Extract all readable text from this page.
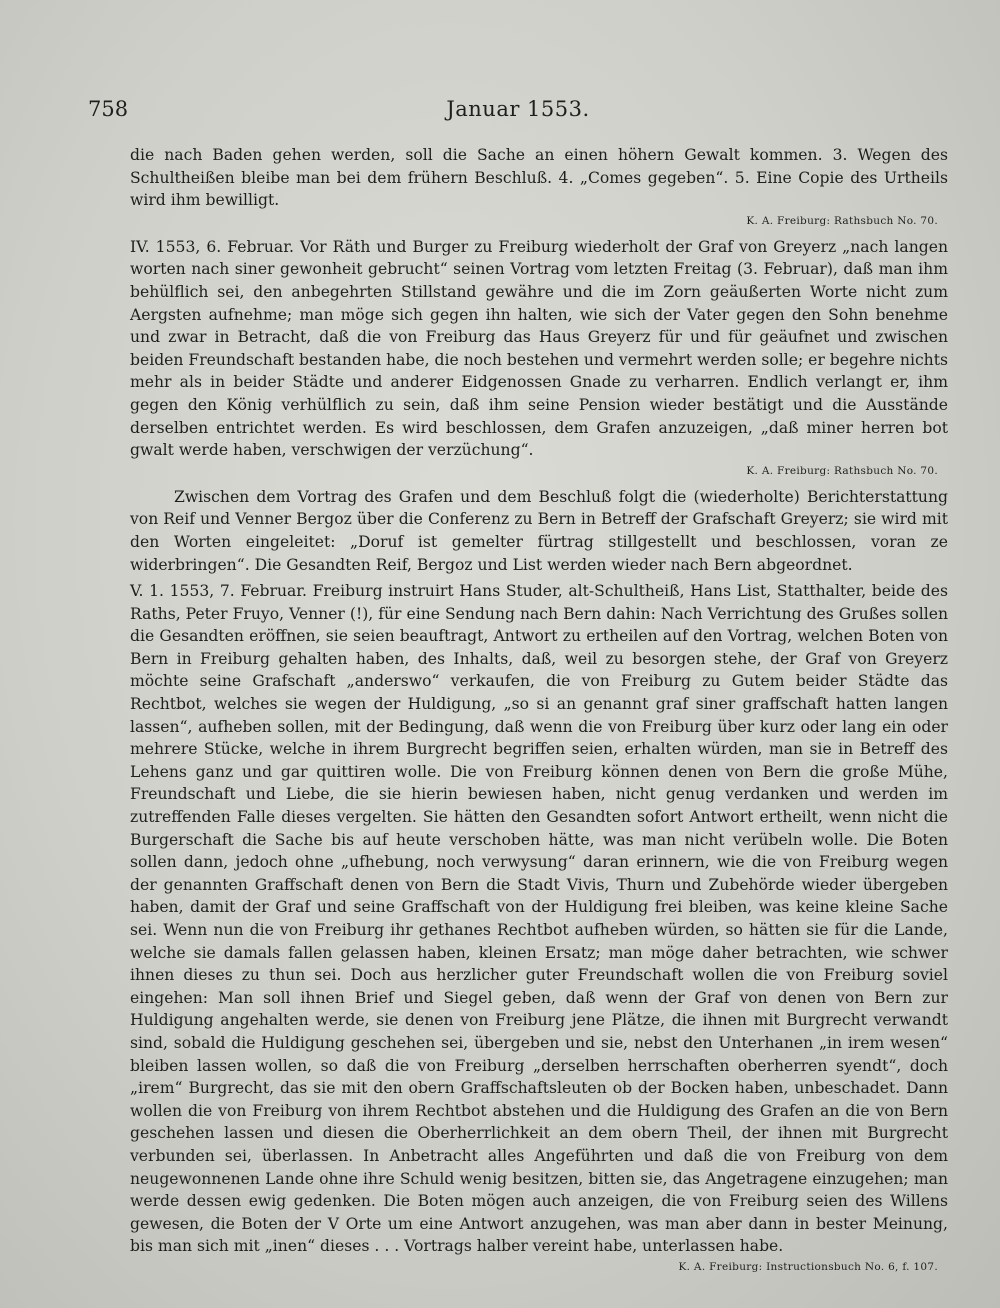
758	Januar 1553.

die nach Baden gehen werden, soll die Sache an einen höhern Gewalt kommen. 3. Wegen des Schultheißen bleibe man bei dem frühern Beschluß. 4. „Comes gegeben“. 5. Eine Copie des Urtheils wird ihm bewilligt.

K. A. Freiburg: Rathsbuch No. 70.

IV. 1553, 6. Februar. Vor Räth und Burger zu Freiburg wiederholt der Graf von Greyerz „nach langen worten nach siner gewonheit gebrucht“ seinen Vortrag vom letzten Freitag (3. Februar), daß man ihm behülflich sei, den anbegehrten Stillstand gewähre und die im Zorn geäußerten Worte nicht zum Aergsten aufnehme; man möge sich gegen ihn halten, wie sich der Vater gegen den Sohn benehme und zwar in Betracht, daß die von Freiburg das Haus Greyerz für und für geäufnet und zwischen beiden Freundschaft bestanden habe, die noch bestehen und vermehrt werden solle; er begehre nichts mehr als in beider Städte und anderer Eidgenossen Gnade zu verharren. Endlich verlangt er, ihm gegen den König verhülflich zu sein, daß ihm seine Pension wieder bestätigt und die Ausstände derselben entrichtet werden. Es wird beschlossen, dem Grafen anzuzeigen, „daß miner herren bot gwalt werde haben, verschwigen der verzüchung“.

K. A. Freiburg: Rathsbuch No. 70.

Zwischen dem Vortrag des Grafen und dem Beschluß folgt die (wiederholte) Berichterstattung von Reif und Venner Bergoz über die Conferenz zu Bern in Betreff der Grafschaft Greyerz; sie wird mit den Worten eingeleitet: „Doruf ist gemelter fürtrag stillgestellt und beschlossen, voran ze widerbringen“. Die Gesandten Reif, Bergoz und List werden wieder nach Bern abgeordnet.

V. 1. 1553, 7. Februar. Freiburg instruirt Hans Studer, alt-Schultheiß, Hans List, Statthalter, beide des Raths, Peter Fruyo, Venner (!), für eine Sendung nach Bern dahin: Nach Verrichtung des Grußes sollen die Gesandten eröffnen, sie seien beauftragt, Antwort zu ertheilen auf den Vortrag, welchen Boten von Bern in Freiburg gehalten haben, des Inhalts, daß, weil zu besorgen stehe, der Graf von Greyerz möchte seine Grafschaft „anderswo“ verkaufen, die von Freiburg zu Gutem beider Städte das Rechtbot, welches sie wegen der Huldigung, „so si an genannt graf siner graffschaft hatten langen lassen“, aufheben sollen, mit der Bedingung, daß wenn die von Freiburg über kurz oder lang ein oder mehrere Stücke, welche in ihrem Burgrecht begriffen seien, erhalten würden, man sie in Betreff des Lehens ganz und gar quittiren wolle. Die von Freiburg können denen von Bern die große Mühe, Freundschaft und Liebe, die sie hierin bewiesen haben, nicht genug verdanken und werden im zutreffenden Falle dieses vergelten. Sie hätten den Gesandten sofort Antwort ertheilt, wenn nicht die Burgerschaft die Sache bis auf heute verschoben hätte, was man nicht verübeln wolle. Die Boten sollen dann, jedoch ohne „ufhebung, noch verwysung“ daran erinnern, wie die von Freiburg wegen der genannten Graffschaft denen von Bern die Stadt Vivis, Thurn und Zubehörde wieder übergeben haben, damit der Graf und seine Graffschaft von der Huldigung frei bleiben, was keine kleine Sache sei. Wenn nun die von Freiburg ihr gethanes Rechtbot aufheben würden, so hätten sie für die Lande, welche sie damals fallen gelassen haben, kleinen Ersatz; man möge daher betrachten, wie schwer ihnen dieses zu thun sei. Doch aus herzlicher guter Freundschaft wollen die von Freiburg soviel eingehen: Man soll ihnen Brief und Siegel geben, daß wenn der Graf von denen von Bern zur Huldigung angehalten werde, sie denen von Freiburg jene Plätze, die ihnen mit Burgrecht verwandt sind, sobald die Huldigung geschehen sei, übergeben und sie, nebst den Unterhanen „in irem wesen“ bleiben lassen wollen, so daß die von Freiburg „derselben herrschaften oberherren syendt“, doch „irem“ Burgrecht, das sie mit den obern Graffschaftsleuten ob der Bocken haben, unbeschadet. Dann wollen die von Freiburg von ihrem Rechtbot abstehen und die Huldigung des Grafen an die von Bern geschehen lassen und diesen die Oberherrlichkeit an dem obern Theil, der ihnen mit Burgrecht verbunden sei, überlassen. In Anbetracht alles Angeführten und daß die von Freiburg von dem neugewonnenen Lande ohne ihre Schuld wenig besitzen, bitten sie, das Angetragene einzugehen; man werde dessen ewig gedenken. Die Boten mögen auch anzeigen, die von Freiburg seien des Willens gewesen, die Boten der V Orte um eine Antwort anzugehen, was man aber dann in bester Meinung, bis man sich mit „inen“ dieses . . . Vortrags halber vereint habe, unterlassen habe.

K. A. Freiburg: Instructionsbuch No. 6, f. 107.
